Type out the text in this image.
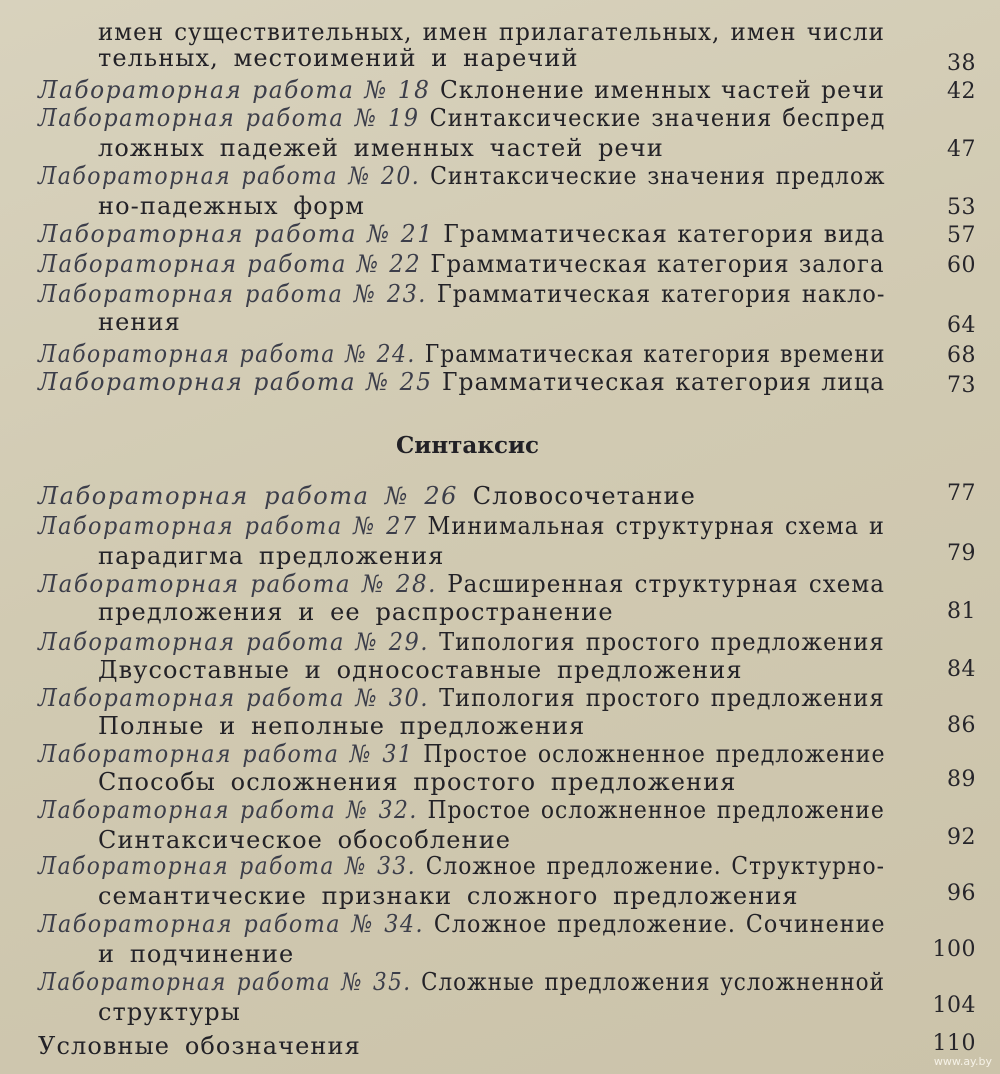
имен существительных, имен прилагательных, имен числи
тельных, местоимений и наречий	38
Лабораторная работа № 18 Склонение именных частей речи	42
Лабораторная работа № 19 Синтаксические значения беспред
ложных падежей именных частей речи	47
Лабораторная работа № 20. Синтаксические значения предлож
но-падежных форм	53
Лабораторная работа № 21 Грамматическая категория вида	57
Лабораторная работа № 22 Грамматическая категория залога	60
Лабораторная работа № 23. Грамматическая категория накло-
нения	64
Лабораторная работа № 24. Грамматическая категория времени	68
Лабораторная работа № 25 Грамматическая категория лица	73
Синтаксис
Лабораторная работа № 26 Словосочетание	77
Лабораторная работа № 27 Минимальная структурная схема и
парадигма предложения	79
Лабораторная работа № 28. Расширенная структурная схема
предложения и ее распространение	81
Лабораторная работа № 29. Типология простого предложения
Двусоставные и односоставные предложения	84
Лабораторная работа № 30. Типология простого предложения
Полные и неполные предложения	86
Лабораторная работа № 31 Простое осложненное предложение
Способы осложнения простого предложения	89
Лабораторная работа № 32. Простое осложненное предложение
Синтаксическое обособление	92
Лабораторная работа № 33. Сложное предложение. Структурно-
семантические признаки сложного предложения	96
Лабораторная работа № 34. Сложное предложение. Сочинение
и подчинение	100
Лабораторная работа № 35. Сложные предложения усложненной
структуры	104
Условные обозначения	110
www.ay.by
